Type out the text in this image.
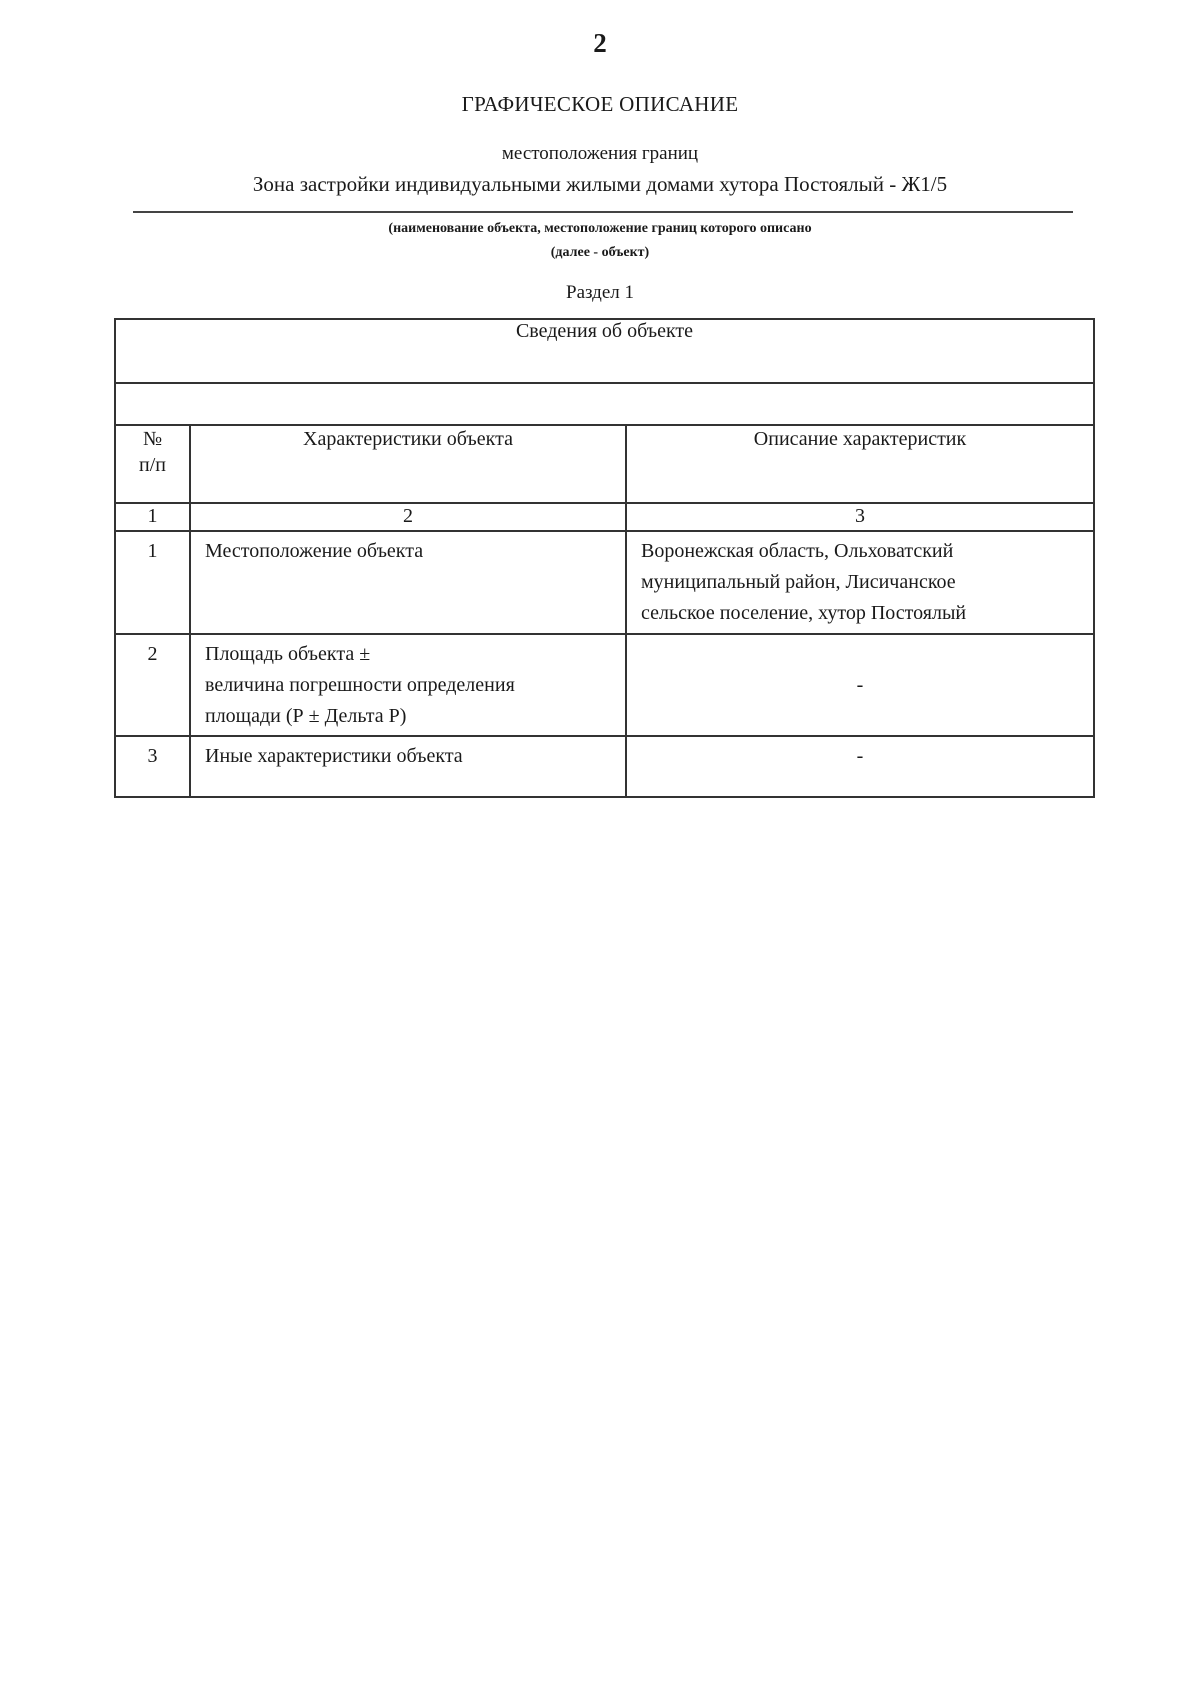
2
ГРАФИЧЕСКОЕ ОПИСАНИЕ
местоположения границ
Зона застройки индивидуальными жилыми домами хутора Постоялый - Ж1/5
(наименование объекта, местоположение границ которого описано
(далее - объект)
Раздел 1
Сведения об объекте		

№
п/п	Характеристики объекта	Описание характеристик
1	2	3
1	Местоположение объекта	Воронежская область, Ольховатский
муниципальный район, Лисичанское
сельское поселение, хутор Постоялый

2	Площадь объекта ±
величина погрешности определения
площади (Р ± Дельта Р)	-
3	Иные характеристики объекта	-
